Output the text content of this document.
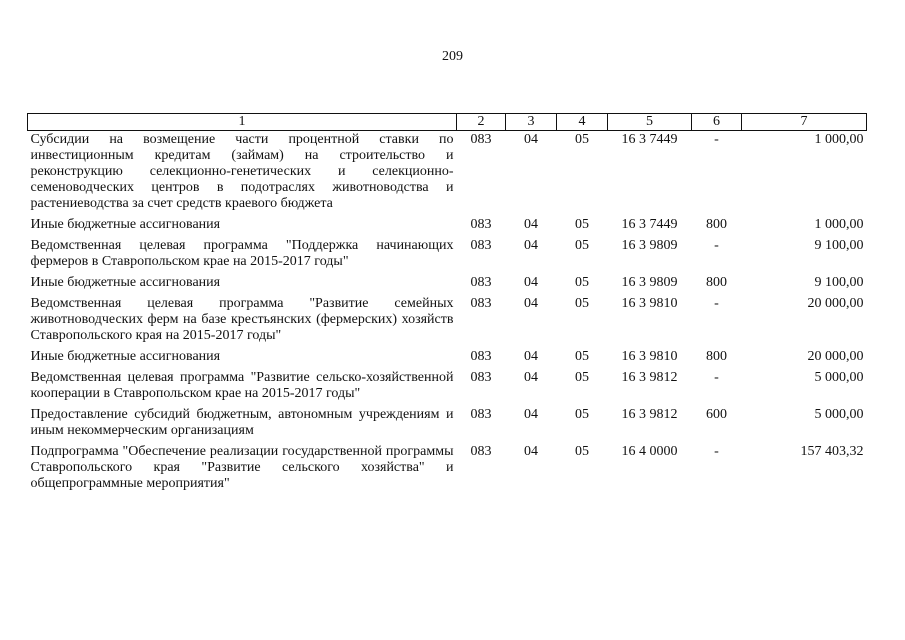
209
1	2	3	4	5	6	7
Субсидии на возмещение части процентной ставки по инвестиционным кредитам (займам) на строительство и реконструкцию селекционно-генетических и селекционно-семеноводческих центров в подотраслях животноводства и растениеводства за счет средств краевого бюджета	083	04	05	16 3 7449	-	1 000,00
Иные бюджетные ассигнования	083	04	05	16 3 7449	800	1 000,00
Ведомственная целевая программа "Поддержка начинающих фермеров в Ставропольском крае на 2015-2017 годы"	083	04	05	16 3 9809	-	9 100,00
Иные бюджетные ассигнования	083	04	05	16 3 9809	800	9 100,00
Ведомственная целевая программа "Развитие семейных животноводческих ферм на базе крестьянских (фермерских) хозяйств Ставропольского края на 2015-2017 годы"	083	04	05	16 3 9810	-	20 000,00
Иные бюджетные ассигнования	083	04	05	16 3 9810	800	20 000,00
Ведомственная целевая программа "Развитие сельско-хозяйственной кооперации в Ставропольском крае на 2015-2017 годы"	083	04	05	16 3 9812	-	5 000,00
Предоставление субсидий бюджетным, автономным учреждениям и иным некоммерческим организациям	083	04	05	16 3 9812	600	5 000,00
Подпрограмма "Обеспечение реализации государственной программы Ставропольского края "Развитие сельского хозяйства" и общепрограммные мероприятия"	083	04	05	16 4 0000	-	157 403,32
